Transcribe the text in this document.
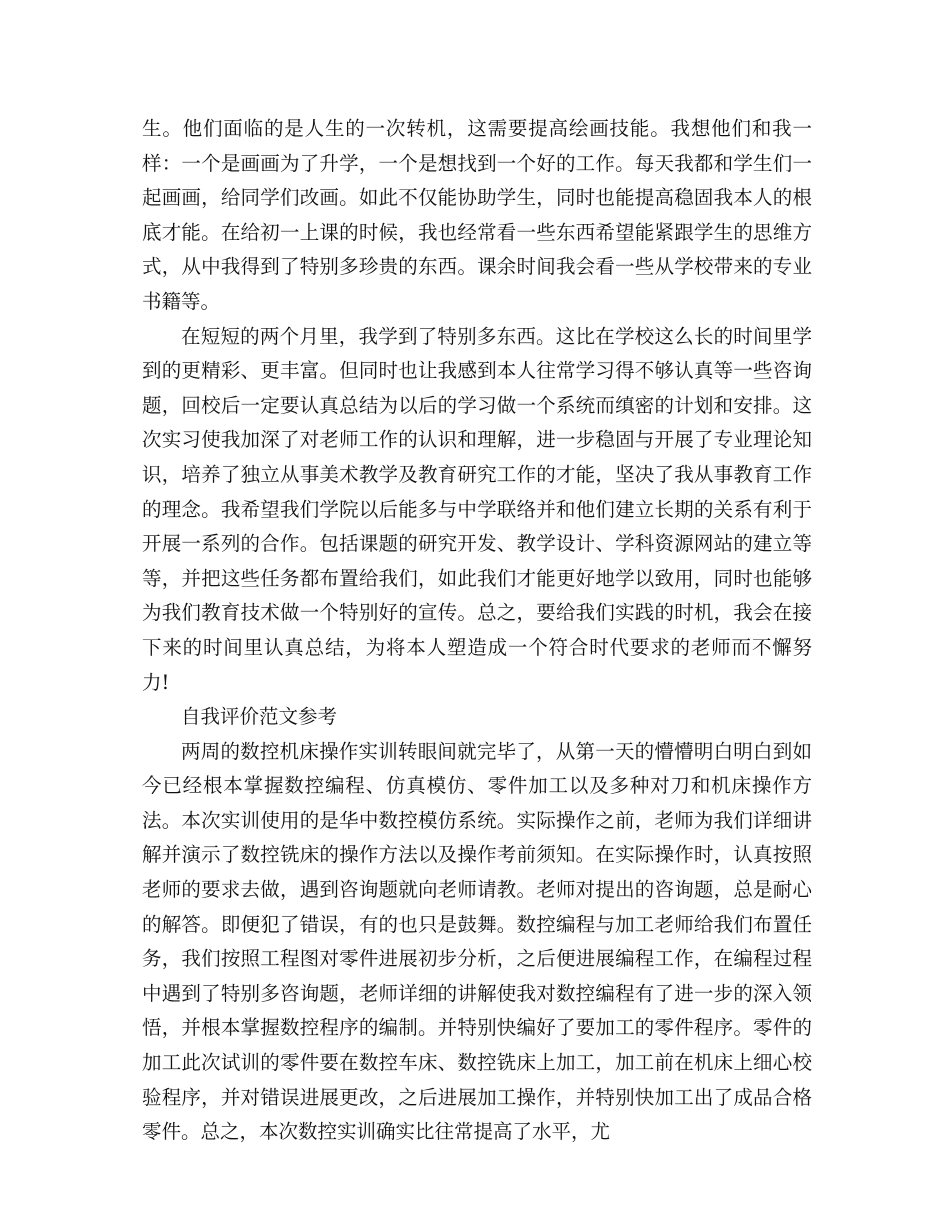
生。他们面临的是人生的一次转机，这需要提高绘画技能。我想他们和我一样：一个是画画为了升学，一个是想找到一个好的工作。每天我都和学生们一起画画，给同学们改画。如此不仅能协助学生，同时也能提高稳固我本人的根底才能。在给初一上课的时候，我也经常看一些东西希望能紧跟学生的思维方式，从中我得到了特别多珍贵的东西。课余时间我会看一些从学校带来的专业书籍等。

在短短的两个月里，我学到了特别多东西。这比在学校这么长的时间里学到的更精彩、更丰富。但同时也让我感到本人往常学习得不够认真等一些咨询题，回校后一定要认真总结为以后的学习做一个系统而缜密的计划和安排。这次实习使我加深了对老师工作的认识和理解，进一步稳固与开展了专业理论知识，培养了独立从事美术教学及教育研究工作的才能，坚决了我从事教育工作的理念。我希望我们学院以后能多与中学联络并和他们建立长期的关系有利于开展一系列的合作。包括课题的研究开发、教学设计、学科资源网站的建立等等，并把这些任务都布置给我们，如此我们才能更好地学以致用，同时也能够为我们教育技术做一个特别好的宣传。总之，要给我们实践的时机，我会在接下来的时间里认真总结，为将本人塑造成一个符合时代要求的老师而不懈努力!

自我评价范文参考

两周的数控机床操作实训转眼间就完毕了，从第一天的懵懵明白明白到如今已经根本掌握数控编程、仿真模仿、零件加工以及多种对刀和机床操作方法。本次实训使用的是华中数控模仿系统。实际操作之前，老师为我们详细讲解并演示了数控铣床的操作方法以及操作考前须知。在实际操作时，认真按照老师的要求去做，遇到咨询题就向老师请教。老师对提出的咨询题，总是耐心的解答。即便犯了错误，有的也只是鼓舞。数控编程与加工老师给我们布置任务，我们按照工程图对零件进展初步分析，之后便进展编程工作，在编程过程中遇到了特别多咨询题，老师详细的讲解使我对数控编程有了进一步的深入领悟，并根本掌握数控程序的编制。并特别快编好了要加工的零件程序。零件的加工此次试训的零件要在数控车床、数控铣床上加工，加工前在机床上细心校验程序，并对错误进展更改，之后进展加工操作，并特别快加工出了成品合格零件。总之，本次数控实训确实比往常提高了水平，尤
